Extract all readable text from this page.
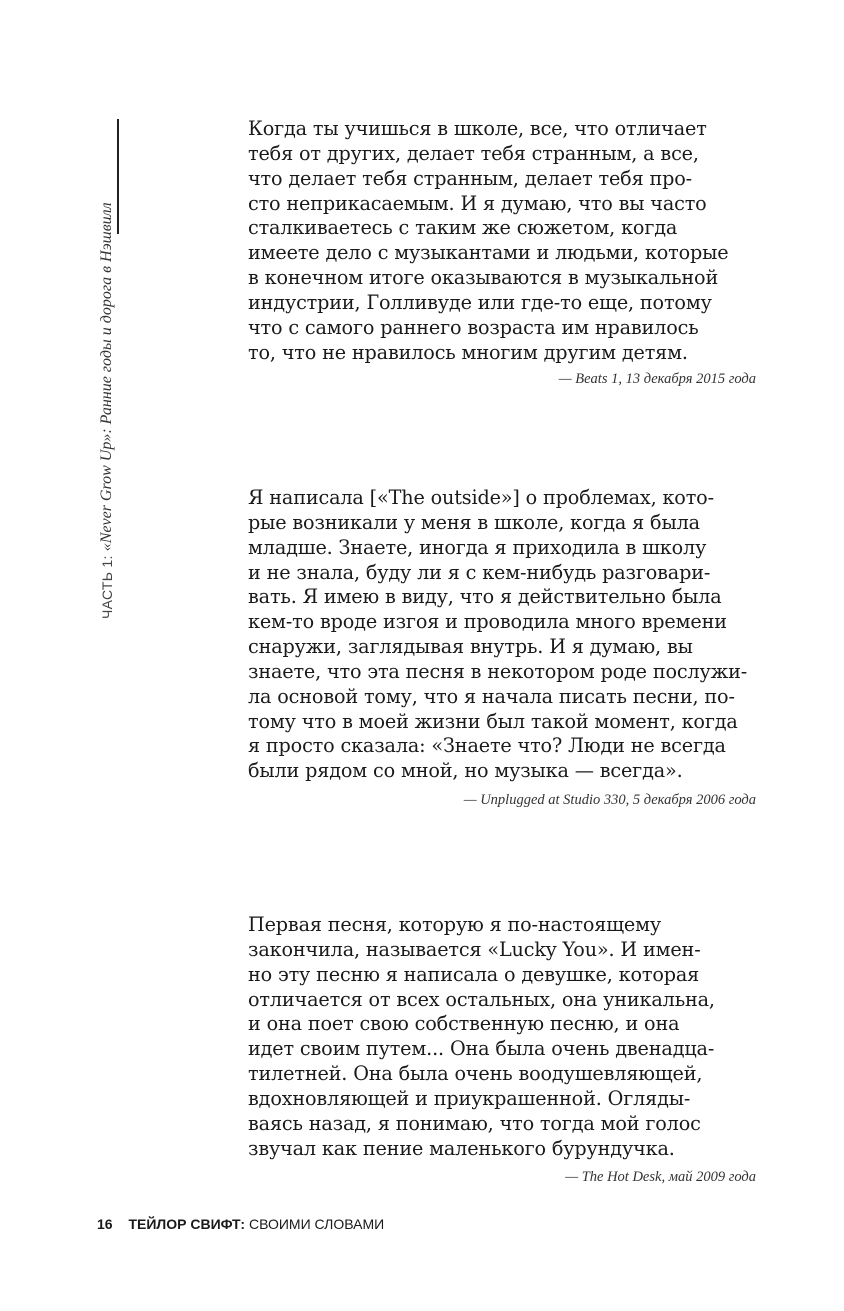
ЧАСТЬ 1:
«Never Grow Up»: Ранние годы и дорога в Нэшвилл
Когда ты учишься в школе, все, что отличает
тебя от других, делает тебя странным, а все,
что делает тебя странным, делает тебя про-
сто неприкасаемым. И я думаю, что вы часто
сталкиваетесь с таким же сюжетом, когда
имеете дело с музыкантами и людьми, которые
в конечном итоге оказываются в музыкальной
индустрии, Голливуде или где-то еще, потому
что с самого раннего возраста им нравилось
то, что не нравилось многим другим детям.
— Beats 1, 13 декабря 2015 года
Я написала [«The outside»] о проблемах, кото-
рые возникали у меня в школе, когда я была
младше. Знаете, иногда я приходила в школу
и не знала, буду ли я с кем-нибудь разговари-
вать. Я имею в виду, что я действительно была
кем-то вроде изгоя и проводила много времени
снаружи, заглядывая внутрь. И я думаю, вы
знаете, что эта песня в некотором роде послужи-
ла основой тому, что я начала писать песни, по-
тому что в моей жизни был такой момент, когда
я просто сказала: «Знаете что? Люди не всегда
были рядом со мной, но музыка — всегда».
— Unplugged at Studio 330, 5 декабря 2006 года
Первая песня, которую я по-настоящему
закончила, называется «Lucky You». И имен-
но эту песню я написала о девушке, которая
отличается от всех остальных, она уникальна,
и она поет свою собственную песню, и она
идет своим путем... Она была очень двенадца-
тилетней. Она была очень воодушевляющей,
вдохновляющей и приукрашенной. Огляды-
ваясь назад, я понимаю, что тогда мой голос
звучал как пение маленького бурундучка.
— The Hot Desk, май 2009 года
16 ТЕЙЛОР СВИФТ: СВОИМИ СЛОВАМИ
